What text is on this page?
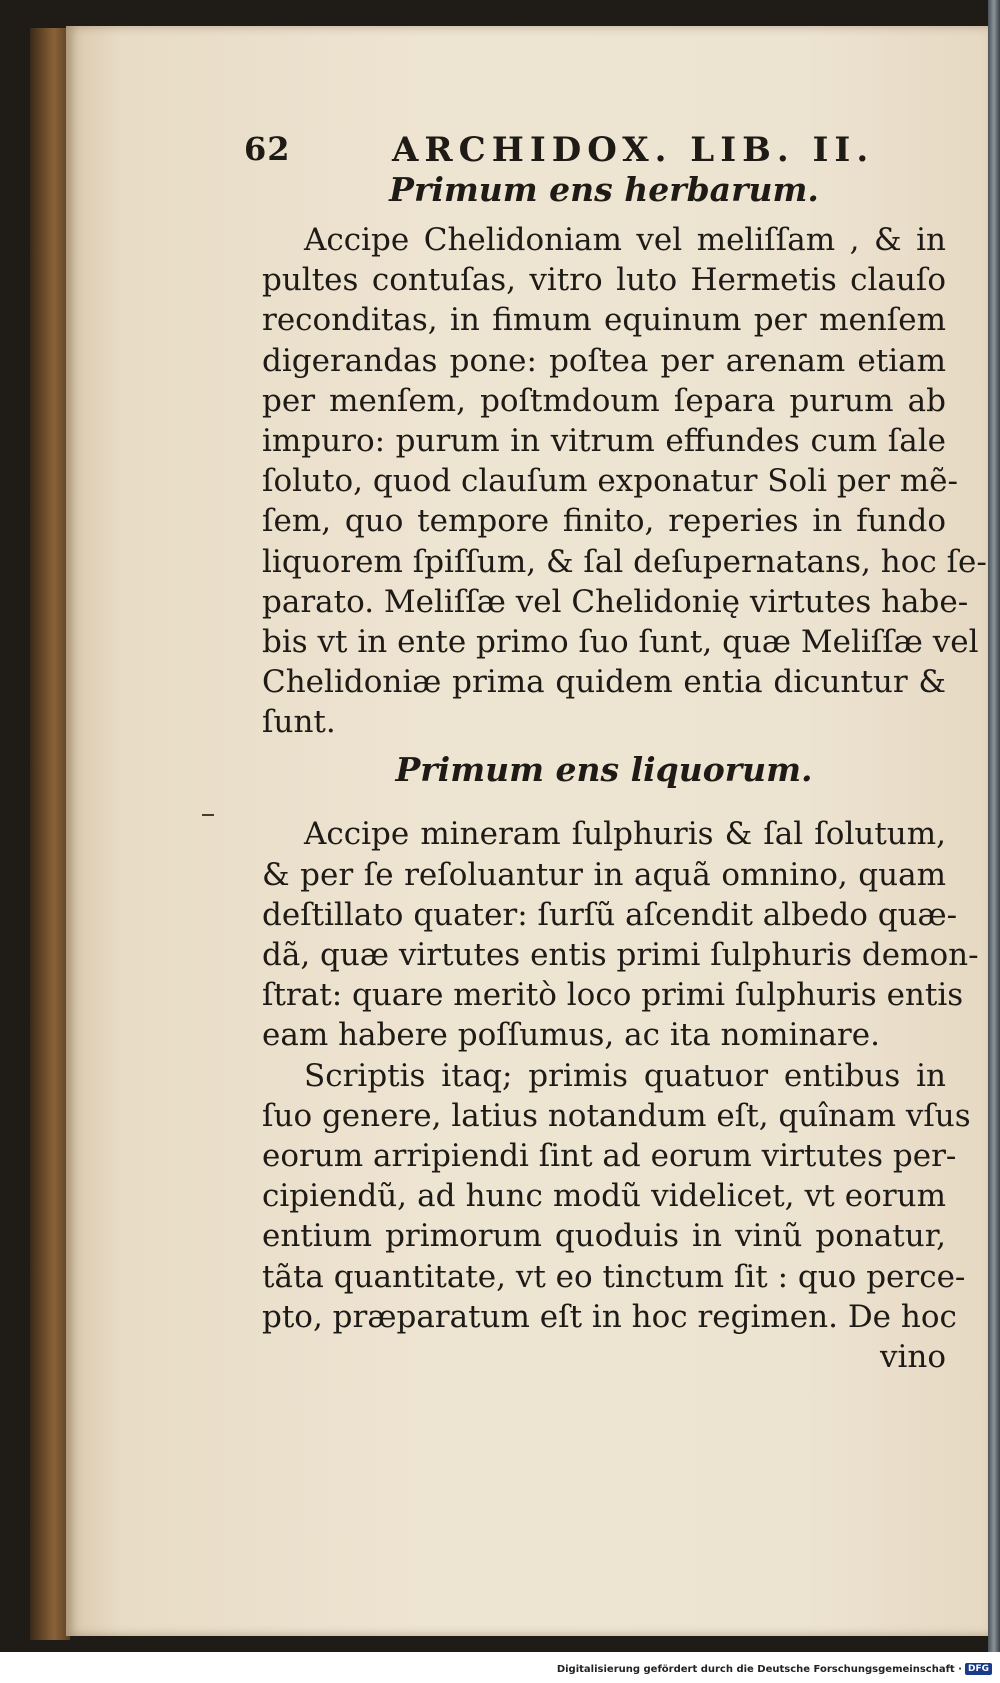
62	ARCHIDOX. LIB. II.
Primum ens herbarum.
Accipe Chelidoniam vel meliſſam , & in
pultes contuſas, vitro luto Hermetis clauſo
reconditas, in fimum equinum per menſem
digerandas pone: poſtea per arenam etiam
per menſem, poſtmdoum ſepara purum ab
impuro: purum in vitrum effundes cum ſale
ſoluto, quod clauſum exponatur Soli per mẽ-
ſem, quo tempore finito, reperies in fundo
liquorem ſpiſſum, & ſal deſupernatans, hoc ſe-
parato. Meliſſæ vel Chelidonię virtutes habe-
bis vt in ente primo ſuo ſunt, quæ Meliſſæ vel
Chelidoniæ prima quidem entia dicuntur &
ſunt.
Primum ens liquorum.
Accipe mineram ſulphuris & ſal ſolutum,
& per ſe reſoluantur in aquã omnino, quam
deſtillato quater: ſurſũ aſcendit albedo quæ-
dã, quæ virtutes entis primi ſulphuris demon-
ſtrat: quare meritò loco primi ſulphuris entis
eam habere poſſumus, ac ita nominare.
Scriptis itaq; primis quatuor entibus in
ſuo genere, latius notandum eſt, quînam vſus
eorum arripiendi ſint ad eorum virtutes per-
cipiendũ, ad hunc modũ videlicet, vt eorum
entium primorum quoduis in vinũ ponatur,
tãta quantitate, vt eo tinctum ſit : quo perce-
pto, præparatum eſt in hoc regimen. De hoc
vino
Digitalisierung gefördert durch die Deutsche Forschungsgemeinschaft · DFG
